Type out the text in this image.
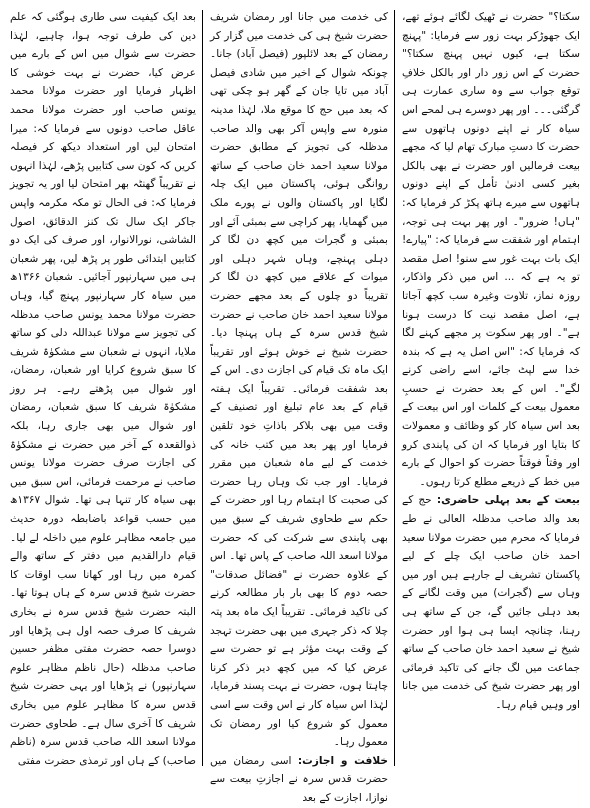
سکتا؟" حضرت نے ٹھیک لگائے ہوئے تھے، ایک جھوڑکر بہت زور سے فرمایا: "پہنچ سکتا ہے، کیوں نہیں پہنچ سکتا؟" حضرت کے اس زور دار اور بالکل خلافِ توقع جواب سے وہ ساری عمارت ہی گرگئی۔۔۔ اور پھر دوسرے ہی لمحے اس سیاہ کار نے اپنے دونوں ہاتھوں سے حضرت کا دستِ مبارک تھام لیا کہ مجھے بیعت فرمالیں اور حضرت نے بھی بالکل بغیر کسی ادنیٰ تأمل کے اپنے دونوں ہاتھوں سے میرے ہاتھ پکڑ کر فرمایا کہ: "ہاں! ضرور"۔ اور پھر بہت ہی توجہ، اہتمام اور شفقت سے فرمایا کہ: "پیارے! ایک بات بہت غور سے سنو! اصل مقصد تو یہ ہے کہ ... اس میں ذکر واذکار، روزہ نماز، تلاوت وغیرہ سب کچھ آجاتا ہے، اصل مقصد نیت کا درست ہونا ہے"۔ اور پھر سکوت پر مجھے کہنے لگا کہ فرمایا کہ: "اس اصل یہ ہے کہ بندہ خدا سے لپٹ جائے، اسے راضی کرنے لگے"۔ اس کے بعد حضرت نے حسبِ معمول بیعت کے کلمات اور اس بیعت کے بعد اس سیاہ کار کو وظائف و معمولات کا بتایا اور فرمایا کہ ان کی پابندی کرو اور وقتاً فوقتاً حضرت کو احوال کے بارے میں خط کے ذریعے مطلع کرتا رہوں۔

بیعت کے بعد پہلی حاضری: حج کے بعد والد صاحب مدظلہ العالی نے طے فرمایا کہ محرم میں حضرت مولانا سعید احمد خان صاحب ایک چلے کے لیے پاکستان تشریف لے جارہے ہیں اور میں وہاں سے (گجرات) میں وقت لگانے کے بعد دہلی جائیں گے، جن کے ساتھ ہی رہنا، چنانچہ ایسا ہی ہوا اور حضرت شیخ نے سعید احمد خان صاحب کے ساتھ جماعت میں لگ جانے کی تاکید فرمائی اور پھر حضرت شیخ کی خدمت میں جانا اور وہیں قیام رہا۔

کی خدمت میں جانا اور رمضان شریف حضرت شیخ ہی کی خدمت میں گزار کر رمضان کے بعد لائلپور (فیصل آباد) جانا۔ چونکہ شوال کے اخیر میں شادی فیصل آباد میں تایا جان کے گھر ہو چکی تھی کہ بعد میں حج کا موقع ملا، لہٰذا مدینہ منورہ سے واپس آکر بھی والد صاحب مدظلہ کی تجویز کے مطابق حضرت مولانا سعید احمد خان صاحب کے ساتھ روانگی ہوئی، پاکستان میں ایک چلہ لگایا اور پاکستان والوں نے پورے ملک میں گھمایا، پھر کراچی سے بمبئی آئے اور بمبئی و گجرات میں کچھ دن لگا کر دہلی پہنچے، وہاں شہر دہلی اور میوات کے علاقے میں کچھ دن لگا کر تقریباً دو چلوں کے بعد مجھے حضرت مولانا سعید احمد خان صاحب نے حضرت شیخ قدس سرہ کے ہاں پہنچا دیا۔ حضرت شیخ نے خوش ہوئے اور تقریباً ایک ماہ تک قیام کی اجازت دی۔ اس کے بعد شفقت فرمائی۔ تقریباً ایک ہفتہ قیام کے بعد عام تبلیغ اور تصنیف کے وقت میں بھی بلاکر باذاتِ خود تلقین فرمایا اور پھر بعد میں کتب خانہ کی خدمت کے لیے ماہ شعبان میں مقرر فرمایا۔ اور جب تک وہاں رہا حضرت کی صحبت کا اہتمام رہا اور حضرت کے حکم سے طحاوی شریف کے سبق میں بھی پابندی سے شرکت کی کہ حضرت مولانا اسعد اللہ صاحب کے پاس تھا۔ اس کے علاوہ حضرت نے "فضائل صدقات" حصہ دوم کا بھی بار بار مطالعہ کرنے کی تاکید فرمائی۔ تقریباً ایک ماہ بعد پتہ چلا کہ ذکر جہری میں بھی حضرت تہجد کے وقت بہت مؤثر ہے تو حضرت سے عرض کیا کہ میں کچھ دیر ذکر کرنا چاہتا ہوں، حضرت نے بہت پسند فرمایا، لہٰذا اس سیاہ کار نے اس وقت سے اسی معمول کو شروع کیا اور رمضان تک معمول رہا۔

خلافت و اجازت: اسی رمضان میں حضرت قدس سرہ نے اجازتِ بیعت سے نوازا، اجازت کے بعد

بعد ایک کیفیت سی طاری ہوگئی کہ علم دین کی طرف توجہ ہوا، چاہیے، لہٰذا حضرت سے شوال میں اس کے بارے میں عرض کیا، حضرت نے بہت خوشی کا اظہار فرمایا اور حضرت مولانا محمد یونس صاحب اور حضرت مولانا محمد عاقل صاحب دونوں سے فرمایا کہ: میرا امتحان لیں اور استعداد دیکھ کر فیصلہ کریں کہ کون سی کتابیں پڑھے، لہٰذا انہوں نے تقریباً گھنٹہ بھر امتحان لیا اور یہ تجویز فرمایا کہ: فی الحال تو مکہ مکرمہ واپس جاکر ایک سال تک کنز الدقائق، اصول الشاشی، نورالانوار، اور صرف کی ایک دو کتابیں ابتدائی طور پر پڑھ لیں، پھر شعبان ہی میں سہارنپور آجائیں۔ شعبان ۱۳۶۶ھ میں سیاہ کار سہارنپور پہنچ گیا، وہاں حضرت مولانا محمد یونس صاحب مدظلہ کی تجویز سے مولانا عبداللہ دلی کو ساتھ ملایا، انہوں نے شعبان سے مشکوٰۃ شریف کا سبق شروع کرایا اور شعبان، رمضان، اور شوال میں پڑھتے رہے۔ ہر روز مشکوٰۃ شریف کا سبق شعبان، رمضان اور شوال میں بھی جاری رہا، بلکہ ذوالقعدہ کے آخر میں حضرت نے مشکوٰۃ کی اجازت صرف حضرت مولانا یونس صاحب نے مرحمت فرمائی، اس سبق میں بھی سیاہ کار تنہا ہی تھا۔ شوال ۱۳۶۷ھ میں حسب قواعد باضابطہ دورہ حدیث میں جامعہ مظاہر علوم میں داخلہ لے لیا۔ قیام دارالقدیم میں دفتر کے ساتھ والے کمرہ میں رہا اور کھانا سب اوقات کا حضرت شیخ قدس سرہ کے ہاں ہوتا تھا۔ البتہ حضرت شیخ قدس سرہ نے بخاری شریف کا صرف حصہ اول ہی پڑھایا اور دوسرا حصہ حضرت مفتی مظفر حسین صاحب مدظلہ (حال ناظم مظاہر علوم سہارنپور) نے پڑھایا اور یہی حضرت شیخ قدس سرہ کا مظاہر علوم میں بخاری شریف کا آخری سال ہے۔ طحاوی حضرت مولانا اسعد اللہ صاحب قدس سرہ (ناظم صاحب) کے ہاں اور ترمذی حضرت مفتی
